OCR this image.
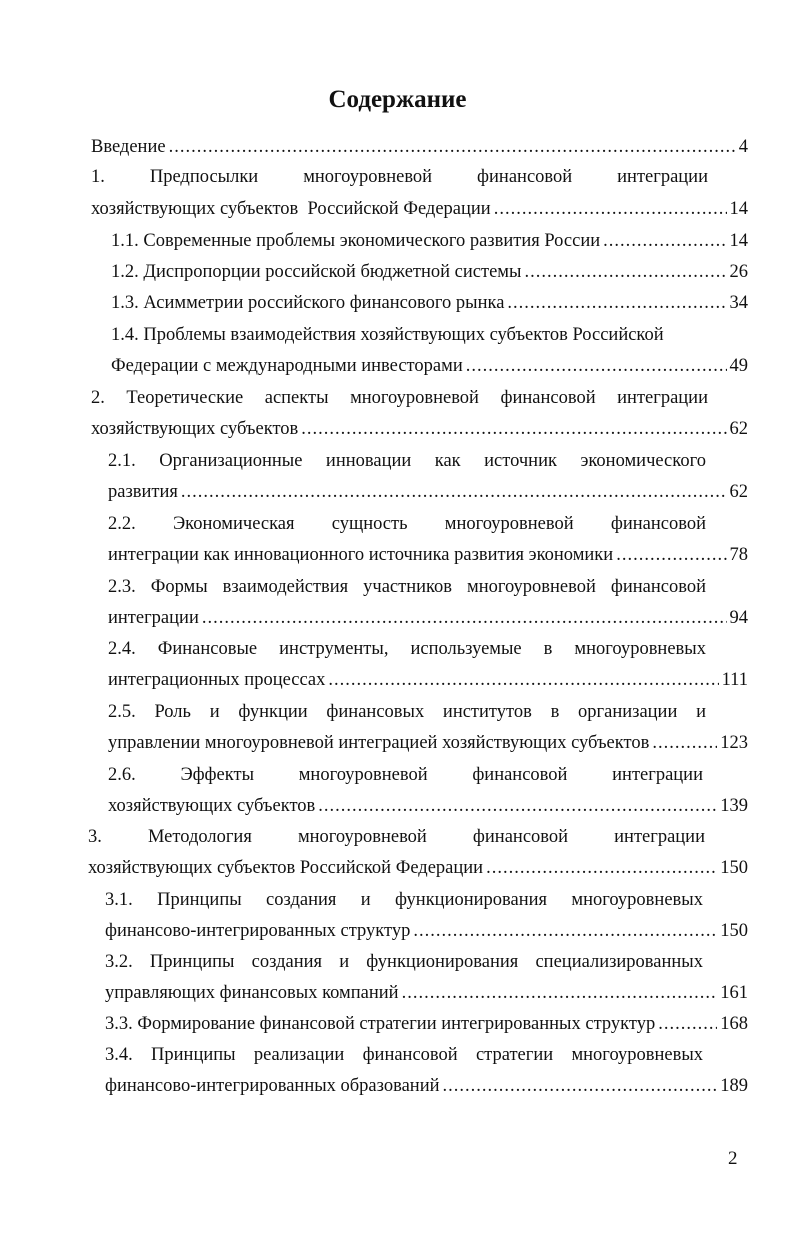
Содержание
Введение .....	4
1. Предпосылки многоуровневой финансовой интеграции
хозяйствующих субъектов  Российской Федерации .....	14
1.1. Современные проблемы экономического развития России .....	14
1.2. Диспропорции российской бюджетной системы .....	26
1.3. Асимметрии российского финансового рынка .....	34
1.4. Проблемы взаимодействия хозяйствующих субъектов Российской
Федерации с международными инвесторами .....	49
2. Теоретические аспекты многоуровневой финансовой интеграции
хозяйствующих субъектов .....	62
2.1. Организационные инновации как источник экономического
развития .....	62
2.2. Экономическая сущность многоуровневой финансовой
интеграции как инновационного источника развития экономики .....	78
2.3. Формы взаимодействия участников многоуровневой финансовой
интеграции .....	94
2.4. Финансовые инструменты, используемые в многоуровневых
интеграционных процессах .....	111
2.5. Роль и функции финансовых институтов в организации и
управлении многоуровневой интеграцией хозяйствующих субъектов .....	123
2.6. Эффекты многоуровневой финансовой интеграции
хозяйствующих субъектов .....	139
3. Методология многоуровневой финансовой интеграции
хозяйствующих субъектов Российской Федерации .....	150
3.1. Принципы создания и функционирования многоуровневых
финансово-интегрированных структур .....	150
3.2. Принципы создания и функционирования специализированных
управляющих финансовых компаний .....	161
3.3. Формирование финансовой стратегии интегрированных структур .....	168
3.4. Принципы реализации финансовой стратегии многоуровневых
финансово-интегрированных образований .....	189
2
